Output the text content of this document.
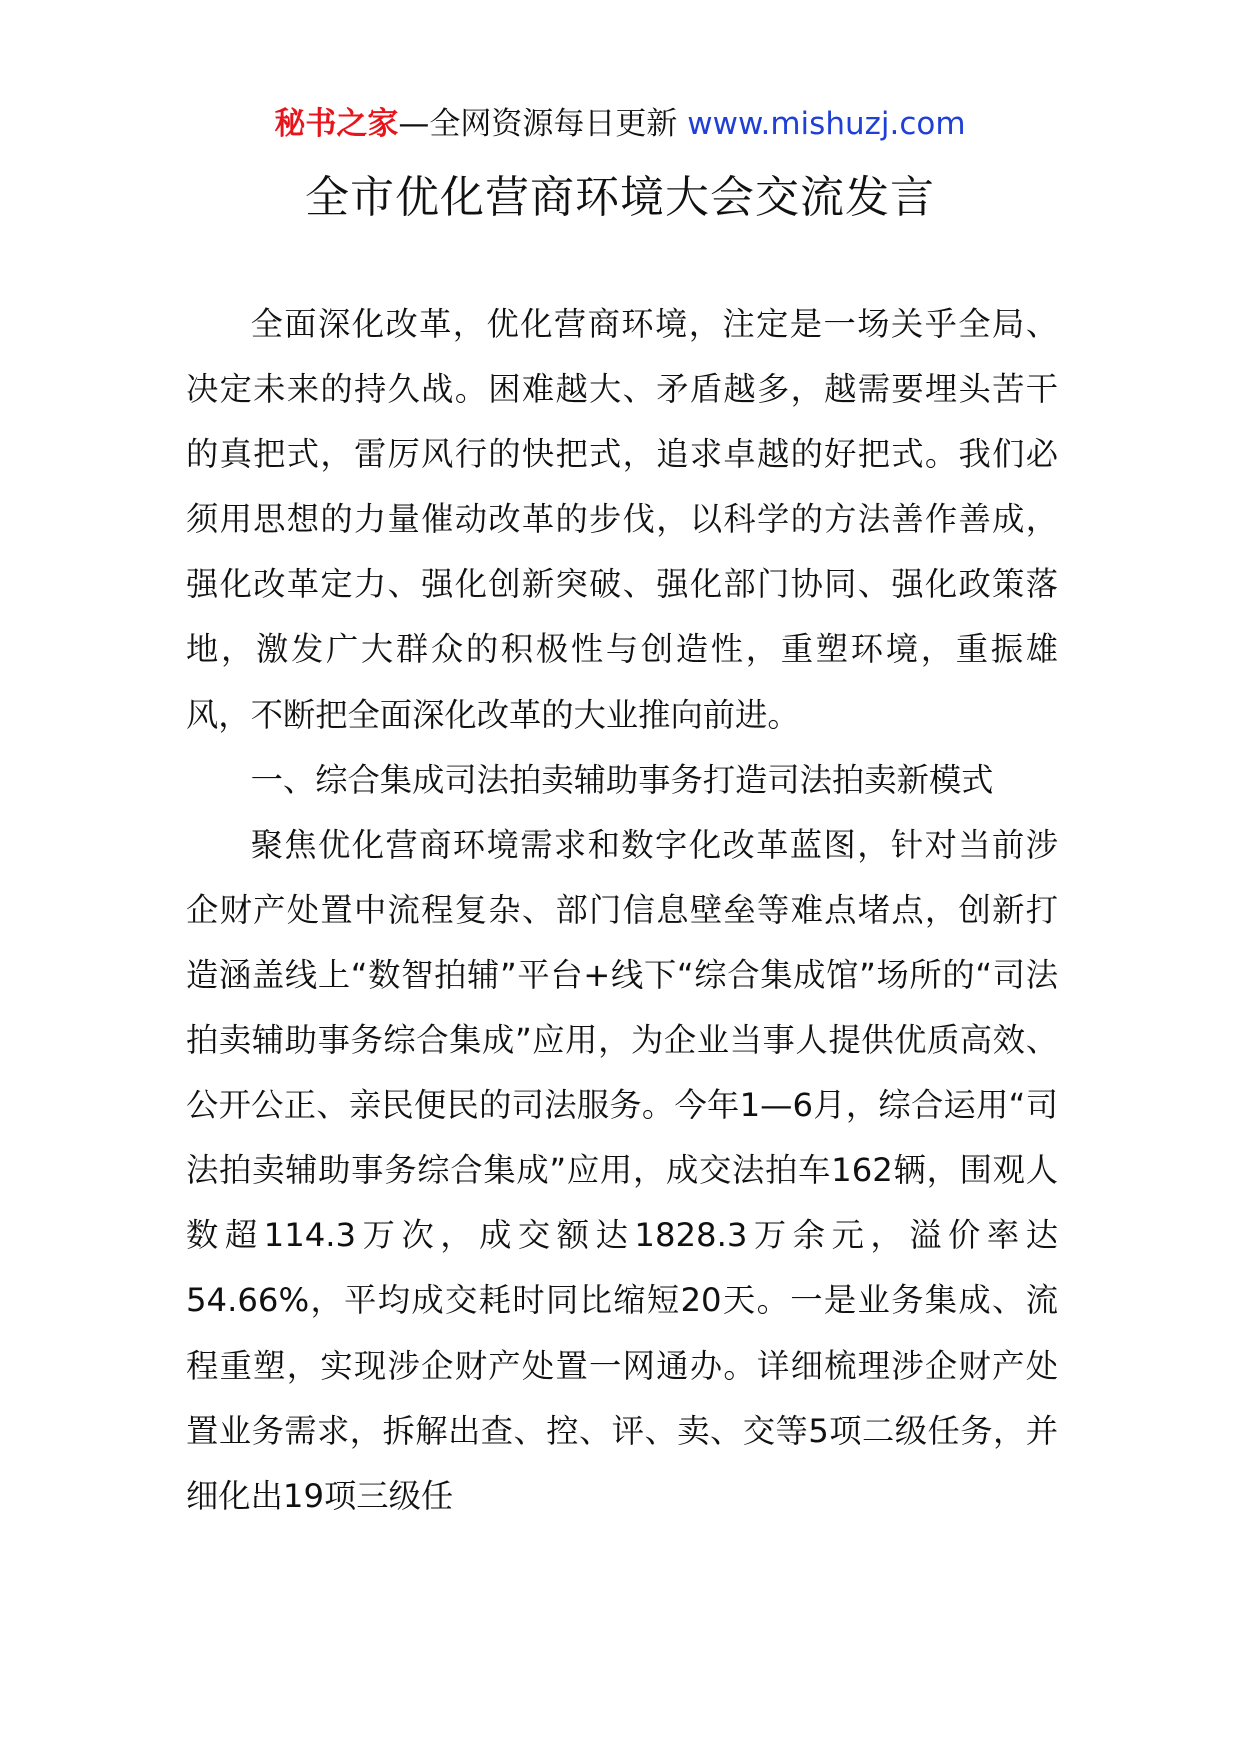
秘书之家—全网资源每日更新 www.mishuzj.com
全市优化营商环境大会交流发言

全面深化改革，优化营商环境，注定是一场关乎全局、决定未来的持久战。困难越大、矛盾越多，越需要埋头苦干的真把式，雷厉风行的快把式，追求卓越的好把式。我们必须用思想的力量催动改革的步伐，以科学的方法善作善成，强化改革定力、强化创新突破、强化部门协同、强化政策落地，激发广大群众的积极性与创造性，重塑环境，重振雄风，不断把全面深化改革的大业推向前进。

一、综合集成司法拍卖辅助事务打造司法拍卖新模式

聚焦优化营商环境需求和数字化改革蓝图，针对当前涉企财产处置中流程复杂、部门信息壁垒等难点堵点，创新打造涵盖线上“数智拍辅”平台+线下“综合集成馆”场所的“司法拍卖辅助事务综合集成”应用，为企业当事人提供优质高效、公开公正、亲民便民的司法服务。今年1—6月，综合运用“司法拍卖辅助事务综合集成”应用，成交法拍车162辆，围观人数超114.3万次，成交额达1828.3万余元，溢价率达54.66%，平均成交耗时同比缩短20天。一是业务集成、流程重塑，实现涉企财产处置一网通办。详细梳理涉企财产处置业务需求，拆解出查、控、评、卖、交等5项二级任务，并细化出19项三级任
